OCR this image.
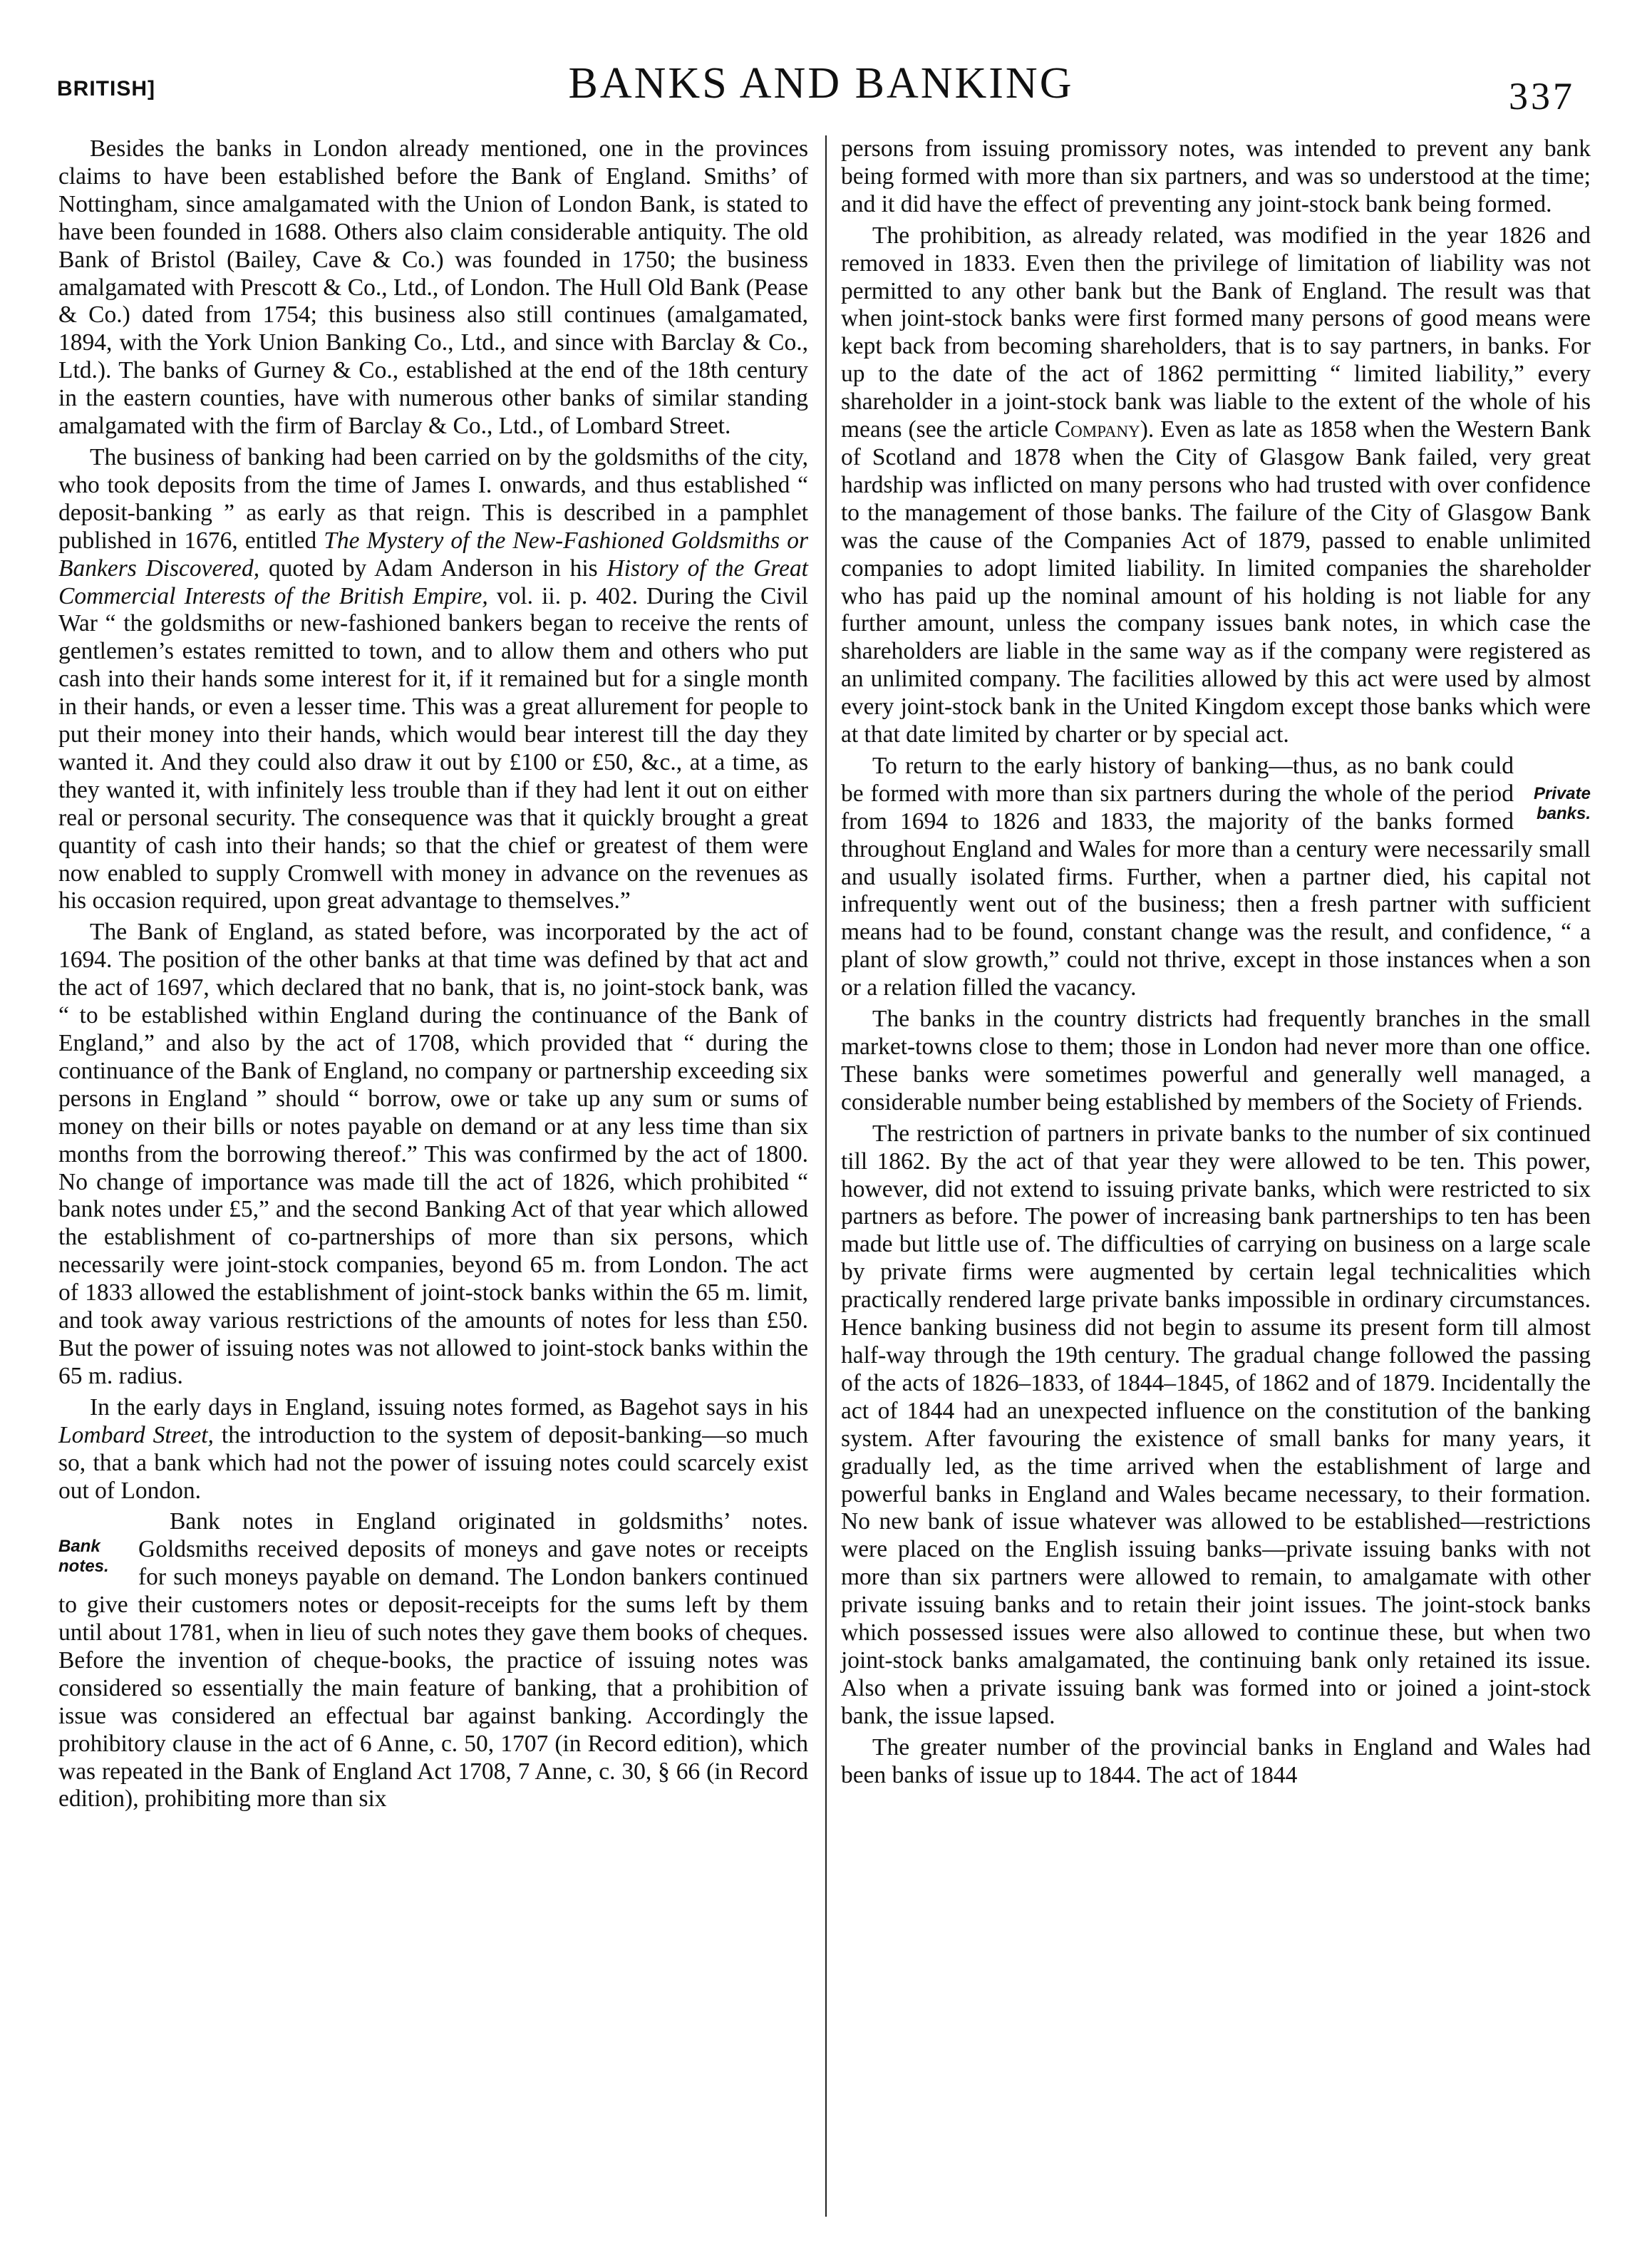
BRITISH]	BANKS AND BANKING	337

Besides the banks in London already mentioned, one in the provinces claims to have been established before the Bank of England. Smiths’ of Nottingham, since amalgamated with the Union of London Bank, is stated to have been founded in 1688. Others also claim considerable antiquity. The old Bank of Bristol (Bailey, Cave & Co.) was founded in 1750; the business amalgamated with Prescott & Co., Ltd., of London. The Hull Old Bank (Pease & Co.) dated from 1754; this business also still continues (amalgamated, 1894, with the York Union Banking Co., Ltd., and since with Barclay & Co., Ltd.). The banks of Gurney & Co., established at the end of the 18th century in the eastern counties, have with numerous other banks of similar standing amalgamated with the firm of Barclay & Co., Ltd., of Lombard Street.

The business of banking had been carried on by the goldsmiths of the city, who took deposits from the time of James I. onwards, and thus established “ deposit-banking ” as early as that reign. This is described in a pamphlet published in 1676, entitled The Mystery of the New-Fashioned Goldsmiths or Bankers Discovered, quoted by Adam Anderson in his History of the Great Commercial Interests of the British Empire, vol. ii. p. 402. During the Civil War “ the goldsmiths or new-fashioned bankers began to receive the rents of gentlemen’s estates remitted to town, and to allow them and others who put cash into their hands some interest for it, if it remained but for a single month in their hands, or even a lesser time. This was a great allurement for people to put their money into their hands, which would bear interest till the day they wanted it. And they could also draw it out by £100 or £50, &c., at a time, as they wanted it, with infinitely less trouble than if they had lent it out on either real or personal security. The consequence was that it quickly brought a great quantity of cash into their hands; so that the chief or greatest of them were now enabled to supply Cromwell with money in advance on the revenues as his occasion required, upon great advantage to themselves.”

The Bank of England, as stated before, was incorporated by the act of 1694. The position of the other banks at that time was defined by that act and the act of 1697, which declared that no bank, that is, no joint-stock bank, was “ to be established within England during the continuance of the Bank of England,” and also by the act of 1708, which provided that “ during the continuance of the Bank of England, no company or partnership exceeding six persons in England ” should “ borrow, owe or take up any sum or sums of money on their bills or notes payable on demand or at any less time than six months from the borrowing thereof.” This was confirmed by the act of 1800. No change of importance was made till the act of 1826, which prohibited “ bank notes under £5,” and the second Banking Act of that year which allowed the establishment of co-partnerships of more than six persons, which necessarily were joint-stock companies, beyond 65 m. from London. The act of 1833 allowed the establishment of joint-stock banks within the 65 m. limit, and took away various restrictions of the amounts of notes for less than £50. But the power of issuing notes was not allowed to joint-stock banks within the 65 m. radius.

In the early days in England, issuing notes formed, as Bagehot says in his Lombard Street, the introduction to the system of deposit-banking—so much so, that a bank which had not the power of issuing notes could scarcely exist out of London.

Bank notes.

Bank notes in England originated in goldsmiths’ notes. Goldsmiths received deposits of moneys and gave notes or receipts for such moneys payable on demand. The London bankers continued to give their customers notes or deposit-receipts for the sums left by them until about 1781, when in lieu of such notes they gave them books of cheques. Before the invention of cheque-books, the practice of issuing notes was considered so essentially the main feature of banking, that a prohibition of issue was considered an effectual bar against banking. Accordingly the prohibitory clause in the act of 6 Anne, c. 50, 1707 (in Record edition), which was repeated in the Bank of England Act 1708, 7 Anne, c. 30, § 66 (in Record edition), prohibiting more than six

persons from issuing promissory notes, was intended to prevent any bank being formed with more than six partners, and was so understood at the time; and it did have the effect of preventing any joint-stock bank being formed.

The prohibition, as already related, was modified in the year 1826 and removed in 1833. Even then the privilege of limitation of liability was not permitted to any other bank but the Bank of England. The result was that when joint-stock banks were first formed many persons of good means were kept back from becoming shareholders, that is to say partners, in banks. For up to the date of the act of 1862 permitting “ limited liability,” every shareholder in a joint-stock bank was liable to the extent of the whole of his means (see the article Company). Even as late as 1858 when the Western Bank of Scotland and 1878 when the City of Glasgow Bank failed, very great hardship was inflicted on many persons who had trusted with over confidence to the management of those banks. The failure of the City of Glasgow Bank was the cause of the Companies Act of 1879, passed to enable unlimited companies to adopt limited liability. In limited companies the shareholder who has paid up the nominal amount of his holding is not liable for any further amount, unless the company issues bank notes, in which case the shareholders are liable in the same way as if the company were registered as an unlimited company. The facilities allowed by this act were used by almost every joint-stock bank in the United Kingdom except those banks which were at that date limited by charter or by special act.

Private banks.

To return to the early history of banking—thus, as no bank could be formed with more than six partners during the whole of the period from 1694 to 1826 and 1833, the majority of the banks formed throughout England and Wales for more than a century were necessarily small and usually isolated firms. Further, when a partner died, his capital not infrequently went out of the business; then a fresh partner with sufficient means had to be found, constant change was the result, and confidence, “ a plant of slow growth,” could not thrive, except in those instances when a son or a relation filled the vacancy.

The banks in the country districts had frequently branches in the small market-towns close to them; those in London had never more than one office. These banks were sometimes powerful and generally well managed, a considerable number being established by members of the Society of Friends.

The restriction of partners in private banks to the number of six continued till 1862. By the act of that year they were allowed to be ten. This power, however, did not extend to issuing private banks, which were restricted to six partners as before. The power of increasing bank partnerships to ten has been made but little use of. The difficulties of carrying on business on a large scale by private firms were augmented by certain legal technicalities which practically rendered large private banks impossible in ordinary circumstances. Hence banking business did not begin to assume its present form till almost half-way through the 19th century. The gradual change followed the passing of the acts of 1826–1833, of 1844–1845, of 1862 and of 1879. Incidentally the act of 1844 had an unexpected influence on the constitution of the banking system. After favouring the existence of small banks for many years, it gradually led, as the time arrived when the establishment of large and powerful banks in England and Wales became necessary, to their formation. No new bank of issue whatever was allowed to be established—restrictions were placed on the English issuing banks—private issuing banks with not more than six partners were allowed to remain, to amalgamate with other private issuing banks and to retain their joint issues. The joint-stock banks which possessed issues were also allowed to continue these, but when two joint-stock banks amalgamated, the continuing bank only retained its issue. Also when a private issuing bank was formed into or joined a joint-stock bank, the issue lapsed.

The greater number of the provincial banks in England and Wales had been banks of issue up to 1844. The act of 1844
